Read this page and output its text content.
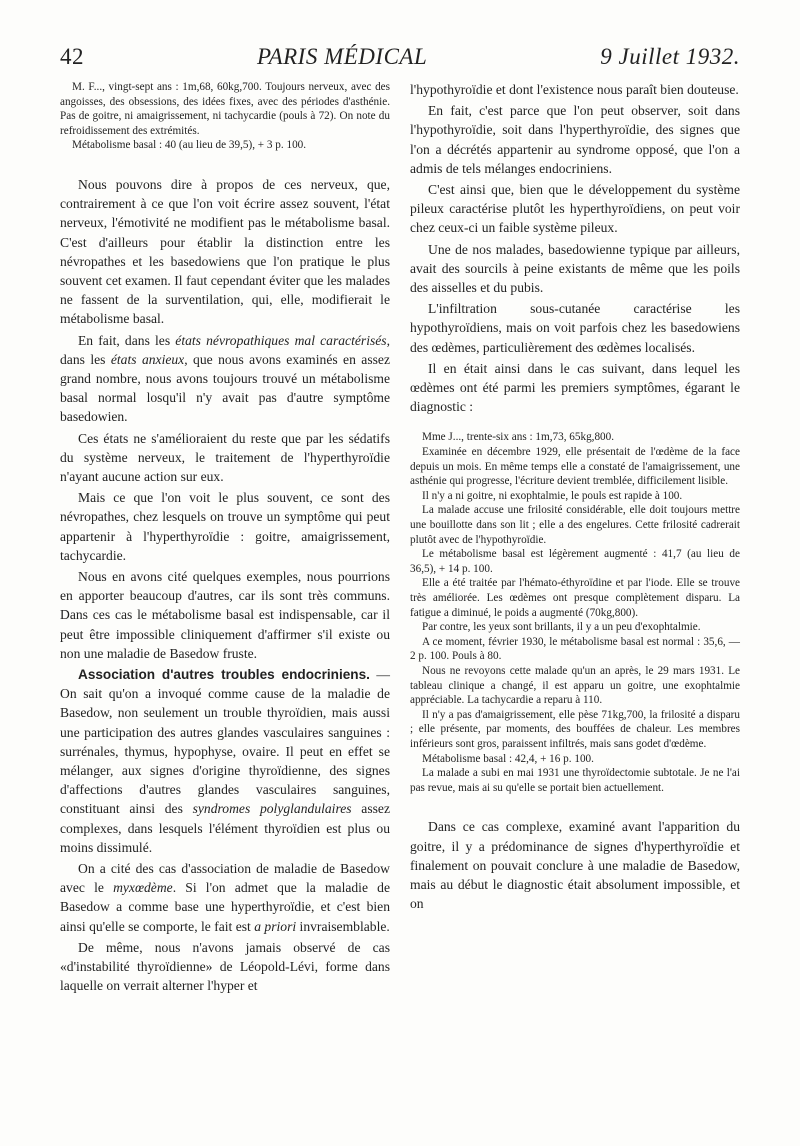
42	PARIS MÉDICAL	9 Juillet 1932.

M. F..., vingt-sept ans : 1m,68, 60kg,700. Toujours nerveux, avec des angoisses, des obsessions, des idées fixes, avec des périodes d'asthénie. Pas de goitre, ni amaigrissement, ni tachycardie (pouls à 72). On note du refroidissement des extrémités.

Métabolisme basal : 40 (au lieu de 39,5), + 3 p. 100.

Nous pouvons dire à propos de ces nerveux, que, contrairement à ce que l'on voit écrire assez souvent, l'état nerveux, l'émotivité ne modifient pas le métabolisme basal. C'est d'ailleurs pour établir la distinction entre les névropathes et les basedowiens que l'on pratique le plus souvent cet examen. Il faut cependant éviter que les malades ne fassent de la surventilation, qui, elle, modifierait le métabolisme basal.

En fait, dans les états névropathiques mal caractérisés, dans les états anxieux, que nous avons examinés en assez grand nombre, nous avons toujours trouvé un métabolisme basal normal losqu'il n'y avait pas d'autre symptôme basedowien.

Ces états ne s'amélioraient du reste que par les sédatifs du système nerveux, le traitement de l'hyperthyroïdie n'ayant aucune action sur eux.

Mais ce que l'on voit le plus souvent, ce sont des névropathes, chez lesquels on trouve un symptôme qui peut appartenir à l'hyperthyroïdie : goitre, amaigrissement, tachycardie.

Nous en avons cité quelques exemples, nous pourrions en apporter beaucoup d'autres, car ils sont très communs. Dans ces cas le métabolisme basal est indispensable, car il peut être impossible cliniquement d'affirmer s'il existe ou non une maladie de Basedow fruste.

Association d'autres troubles endocriniens. — On sait qu'on a invoqué comme cause de la maladie de Basedow, non seulement un trouble thyroïdien, mais aussi une participation des autres glandes vasculaires sanguines : surrénales, thymus, hypophyse, ovaire. Il peut en effet se mélanger, aux signes d'origine thyroïdienne, des signes d'affections d'autres glandes vasculaires sanguines, constituant ainsi des syndromes polyglandulaires assez complexes, dans lesquels l'élément thyroïdien est plus ou moins dissimulé.

On a cité des cas d'association de maladie de Basedow avec le myxœdème. Si l'on admet que la maladie de Basedow a comme base une hyperthyroïdie, et c'est bien ainsi qu'elle se comporte, le fait est a priori invraisemblable.

De même, nous n'avons jamais observé de cas «d'instabilité thyroïdienne» de Léopold-Lévi, forme dans laquelle on verrait alterner l'hyper et

l'hypothyroïdie et dont l'existence nous paraît bien douteuse.

En fait, c'est parce que l'on peut observer, soit dans l'hypothyroïdie, soit dans l'hyperthyroïdie, des signes que l'on a décrétés appartenir au syndrome opposé, que l'on a admis de tels mélanges endocriniens.

C'est ainsi que, bien que le développement du système pileux caractérise plutôt les hyperthyroïdiens, on peut voir chez ceux-ci un faible système pileux.

Une de nos malades, basedowienne typique par ailleurs, avait des sourcils à peine existants de même que les poils des aisselles et du pubis.

L'infiltration sous-cutanée caractérise les hypothyroïdiens, mais on voit parfois chez les basedowiens des œdèmes, particulièrement des œdèmes localisés.

Il en était ainsi dans le cas suivant, dans lequel les œdèmes ont été parmi les premiers symptômes, égarant le diagnostic :

Mme J..., trente-six ans : 1m,73, 65kg,800.

Examinée en décembre 1929, elle présentait de l'œdème de la face depuis un mois. En même temps elle a constaté de l'amaigrissement, une asthénie qui progresse, l'écriture devient tremblée, difficilement lisible.

Il n'y a ni goitre, ni exophtalmie, le pouls est rapide à 100.

La malade accuse une frilosité considérable, elle doit toujours mettre une bouillotte dans son lit ; elle a des engelures. Cette frilosité cadrerait plutôt avec de l'hypothyroïdie.

Le métabolisme basal est légèrement augmenté : 41,7 (au lieu de 36,5), + 14 p. 100.

Elle a été traitée par l'hémato-éthyroïdine et par l'iode. Elle se trouve très améliorée. Les œdèmes ont presque complètement disparu. La fatigue a diminué, le poids a augmenté (70kg,800).

Par contre, les yeux sont brillants, il y a un peu d'exophtalmie.

A ce moment, février 1930, le métabolisme basal est normal : 35,6, — 2 p. 100. Pouls à 80.

Nous ne revoyons cette malade qu'un an après, le 29 mars 1931. Le tableau clinique a changé, il est apparu un goitre, une exophtalmie appréciable. La tachycardie a reparu à 110.

Il n'y a pas d'amaigrissement, elle pèse 71kg,700, la frilosité a disparu ; elle présente, par moments, des bouffées de chaleur. Les membres inférieurs sont gros, paraissent infiltrés, mais sans godet d'œdème.

Métabolisme basal : 42,4, + 16 p. 100.

La malade a subi en mai 1931 une thyroïdectomie subtotale. Je ne l'ai pas revue, mais ai su qu'elle se portait bien actuellement.

Dans ce cas complexe, examiné avant l'apparition du goitre, il y a prédominance de signes d'hyperthyroïdie et finalement on pouvait conclure à une maladie de Basedow, mais au début le diagnostic était absolument impossible, et on
